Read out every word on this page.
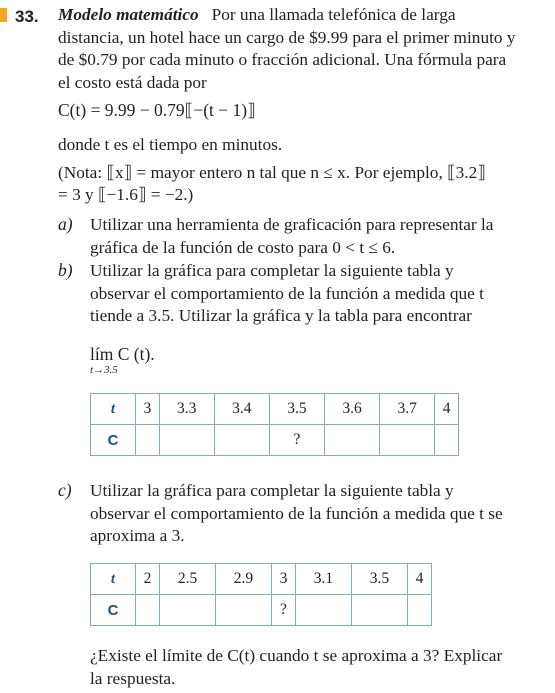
33. Modelo matemático Por una llamada telefónica de larga distancia, un hotel hace un cargo de $9.99 para el primer minuto y de $0.79 por cada minuto o fracción adicional. Una fórmula para el costo está dada por

C(t) = 9.99 − 0.79⟦−(t − 1)⟧

donde t es el tiempo en minutos.

(Nota: ⟦x⟧ = mayor entero n tal que n ≤ x. Por ejemplo, ⟦3.2⟧

= 3 y ⟦−1.6⟧ = −2.)

a) Utilizar una herramienta de graficación para representar la gráfica de la función de costo para 0 < t ≤ 6.

b) Utilizar la gráfica para completar la siguiente tabla y observar el comportamiento de la función a medida que t tiende a 3.5. Utilizar la gráfica y la tabla para encontrar

lím C (t).
t→3.5
t	3	3.3	3.4	3.5	3.6	3.7	4
C				?			
c) Utilizar la gráfica para completar la siguiente tabla y observar el comportamiento de la función a medida que t se aproxima a 3.

t	2	2.5	2.9	3	3.1	3.5	4
C				?			

¿Existe el límite de C(t) cuando t se aproxima a 3? Explicar la respuesta.
